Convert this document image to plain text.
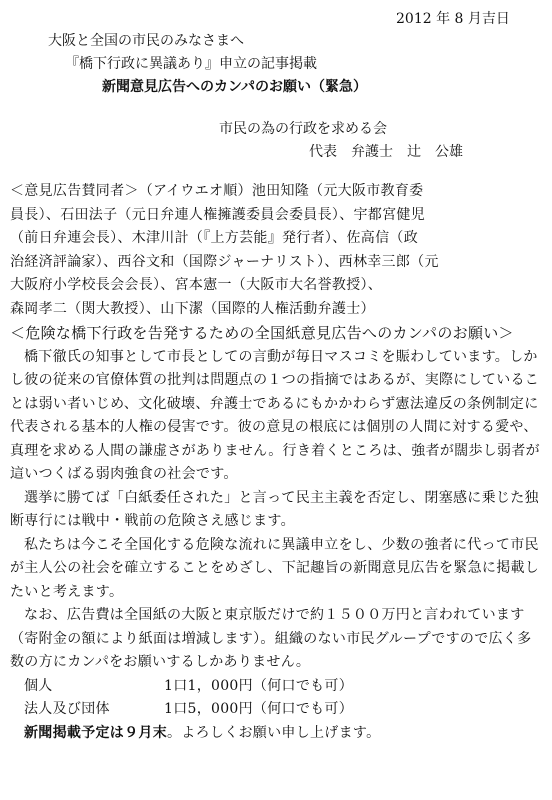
2012 年 8 月吉日
大阪と全国の市民のみなさまへ
『橋下行政に異議あり』申立の記事掲載
新聞意見広告へのカンパのお願い（緊急）
市民の為の行政を求める会
代表　弁護士　辻　公雄
＜意見広告賛同者＞（アイウエオ順）池田知隆（元大阪市教育委
員長）、石田法子（元日弁連人権擁護委員会委員長）、宇都宮健児
（前日弁連会長）、木津川計（『上方芸能』発行者）、佐高信（政
治経済評論家）、西谷文和（国際ジャーナリスト）、西林幸三郎（元
大阪府小学校長会会長）、宮本憲一（大阪市大名誉教授）、
森岡孝二（関大教授）、山下潔（国際的人権活動弁護士）

＜危険な橋下行政を告発するための全国紙意見広告へのカンパのお願い＞

橋下徹氏の知事として市長としての言動が毎日マスコミを賑わしています。しかし彼の従来の官僚体質の批判は問題点の１つの指摘ではあるが、実際にしていることは弱い者いじめ、文化破壊、弁護士であるにもかかわらず憲法違反の条例制定に代表される基本的人権の侵害です。彼の意見の根底には個別の人間に対する愛や、真理を求める人間の謙虚さがありません。行き着くところは、強者が闊歩し弱者が這いつくばる弱肉強食の社会です。

選挙に勝てば「白紙委任された」と言って民主主義を否定し、閉塞感に乗じた独断専行には戦中・戦前の危険さえ感じます。

私たちは今こそ全国化する危険な流れに異議申立をし、少数の強者に代って市民が主人公の社会を確立することをめざし、下記趣旨の新聞意見広告を緊急に掲載したいと考えます。

なお、広告費は全国紙の大阪と東京版だけで約１５００万円と言われています（寄附金の額により紙面は増減します）。組織のない市民グループですので広く多数の方にカンパをお願いするしかありません。

個人	1口1，000円（何口でも可）
法人及び団体	1口5，000円（何口でも可）

新聞掲載予定は９月末。よろしくお願い申し上げます。
